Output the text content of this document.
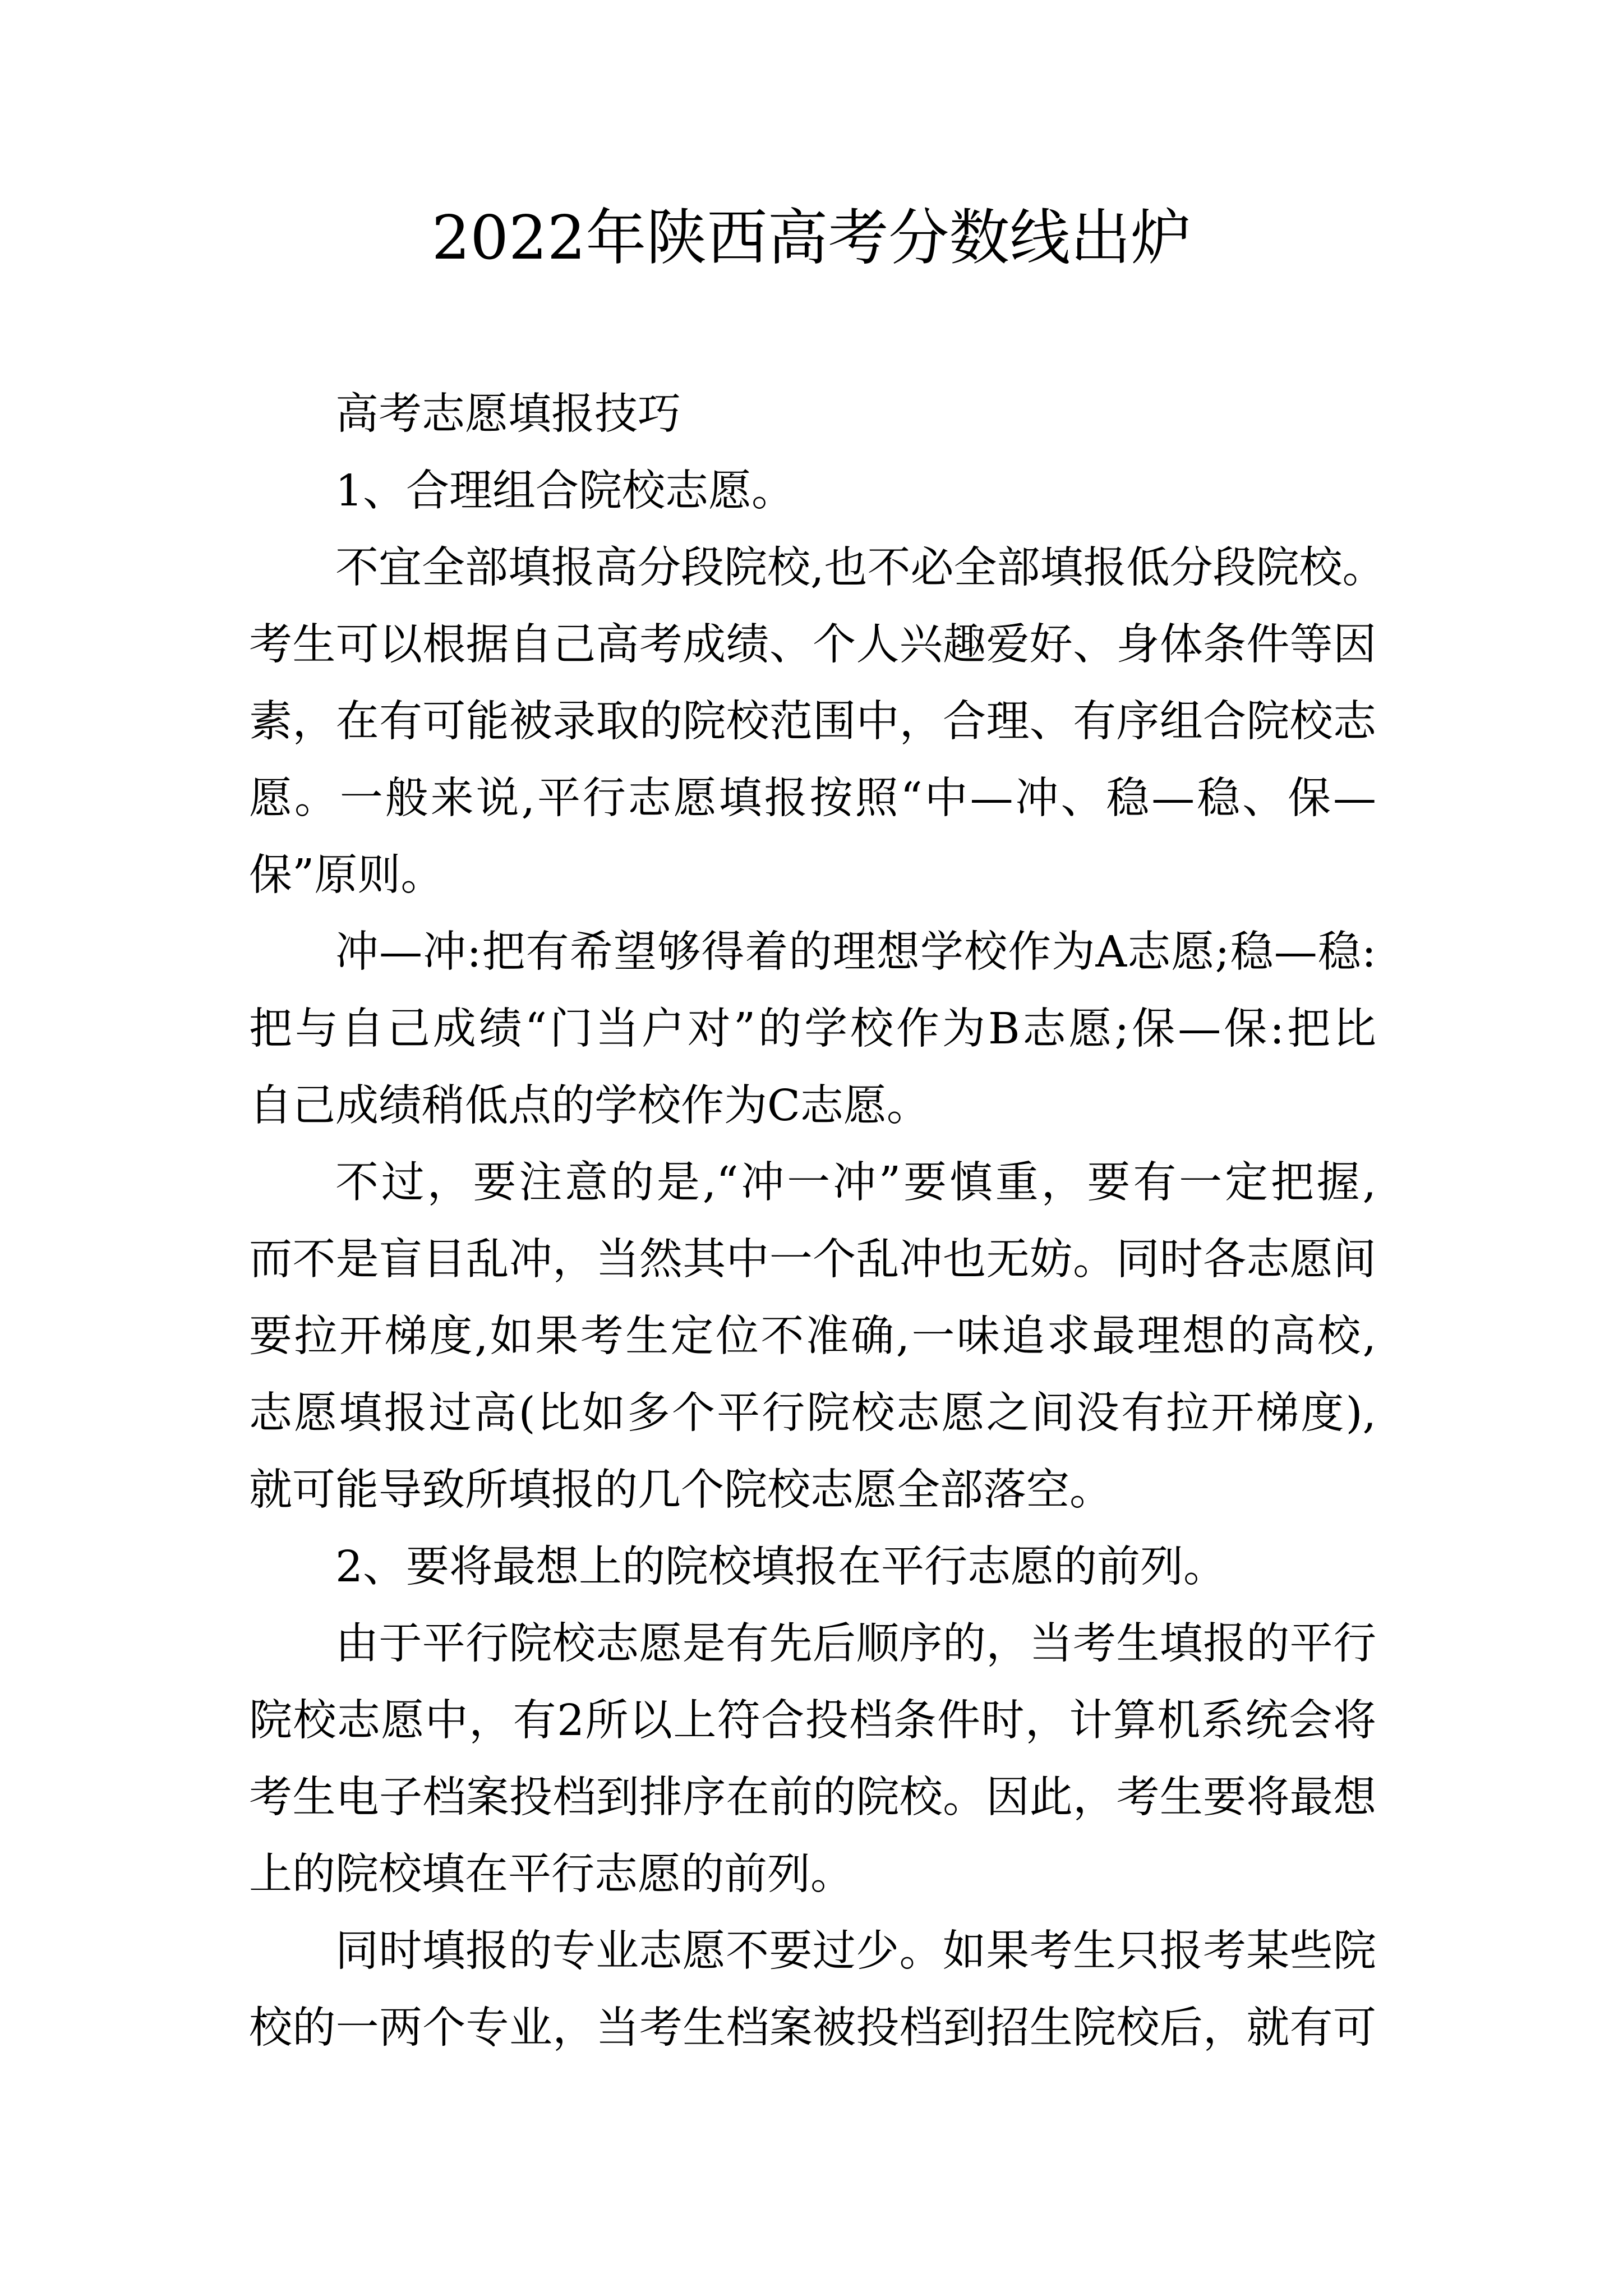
2022年陕西高考分数线出炉
高考志愿填报技巧
1、合理组合院校志愿。
不宜全部填报高分段院校,也不必全部填报低分段院校。
考生可以根据自己高考成绩、个人兴趣爱好、身体条件等因
素，在有可能被录取的院校范围中，合理、有序组合院校志
愿。一般来说,平行志愿填报按照“中—冲、稳—稳、保—
保”原则。
冲—冲:把有希望够得着的理想学校作为A志愿;稳—稳:
把与自己成绩“门当户对”的学校作为B志愿;保—保:把比
自己成绩稍低点的学校作为C志愿。
不过，要注意的是,“冲一冲”要慎重，要有一定把握,
而不是盲目乱冲，当然其中一个乱冲也无妨。同时各志愿间
要拉开梯度,如果考生定位不准确,一味追求最理想的高校,
志愿填报过高(比如多个平行院校志愿之间没有拉开梯度),
就可能导致所填报的几个院校志愿全部落空。
2、要将最想上的院校填报在平行志愿的前列。
由于平行院校志愿是有先后顺序的，当考生填报的平行
院校志愿中，有2所以上符合投档条件时，计算机系统会将
考生电子档案投档到排序在前的院校。因此，考生要将最想
上的院校填在平行志愿的前列。
同时填报的专业志愿不要过少。如果考生只报考某些院
校的一两个专业，当考生档案被投档到招生院校后，就有可
